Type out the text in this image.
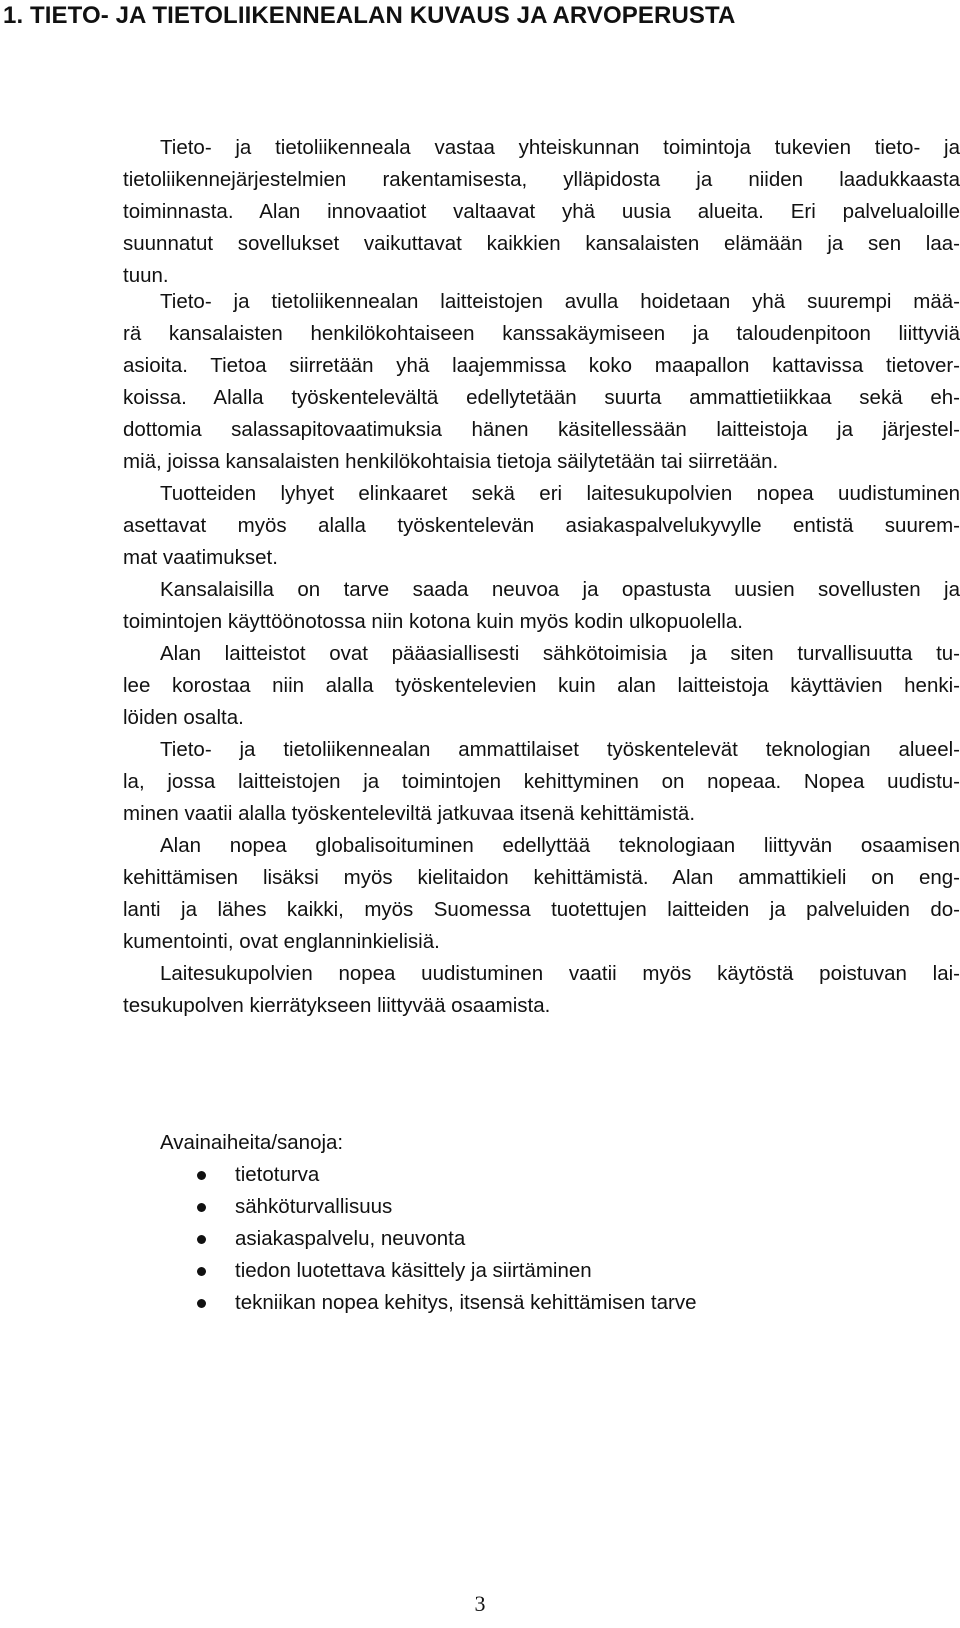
1. TIETO- JA TIETOLIIKENNEALAN KUVAUS JA ARVOPERUSTA
Tieto- ja tietoliikenneala vastaa yhteiskunnan toimintoja tukevien tieto- ja
tietoliikennejärjestelmien rakentamisesta, ylläpidosta ja niiden laadukkaasta
toiminnasta. Alan innovaatiot valtaavat yhä uusia alueita. Eri palvelualoille
suunnatut sovellukset vaikuttavat kaikkien kansalaisten elämään ja sen laa-
tuun.
Tieto- ja tietoliikennealan laitteistojen avulla hoidetaan yhä suurempi mää-
rä kansalaisten henkilökohtaiseen kanssakäymiseen ja taloudenpitoon liittyviä
asioita. Tietoa siirretään yhä laajemmissa koko maapallon kattavissa tietover-
koissa. Alalla työskentelevältä edellytetään suurta ammattietiikkaa sekä eh-
dottomia salassapitovaatimuksia hänen käsitellessään laitteistoja ja järjestel-
miä, joissa kansalaisten henkilökohtaisia tietoja säilytetään tai siirretään.
Tuotteiden lyhyet elinkaaret sekä eri laitesukupolvien nopea uudistuminen
asettavat myös alalla työskentelevän asiakaspalvelukyvylle entistä suurem-
mat vaatimukset.
Kansalaisilla on tarve saada neuvoa ja opastusta uusien sovellusten ja
toimintojen käyttöönotossa niin kotona kuin myös kodin ulkopuolella.
Alan laitteistot ovat pääasiallisesti sähkötoimisia ja siten turvallisuutta tu-
lee korostaa niin alalla työskentelevien kuin alan laitteistoja käyttävien henki-
löiden osalta.
Tieto- ja tietoliikennealan ammattilaiset työskentelevät teknologian alueel-
la, jossa laitteistojen ja toimintojen kehittyminen on nopeaa. Nopea uudistu-
minen vaatii alalla työskenteleviltä jatkuvaa itsenä kehittämistä.
Alan nopea globalisoituminen edellyttää teknologiaan liittyvän osaamisen
kehittämisen lisäksi myös kielitaidon kehittämistä. Alan ammattikieli on eng-
lanti ja lähes kaikki, myös Suomessa tuotettujen laitteiden ja palveluiden do-
kumentointi, ovat englanninkielisiä.
Laitesukupolvien nopea uudistuminen vaatii myös käytöstä poistuvan lai-
tesukupolven kierrätykseen liittyvää osaamista.
Avainaiheita/sanoja:
tietoturva
sähköturvallisuus
asiakaspalvelu, neuvonta
tiedon luotettava käsittely ja siirtäminen
tekniikan nopea kehitys, itsensä kehittämisen tarve
3
